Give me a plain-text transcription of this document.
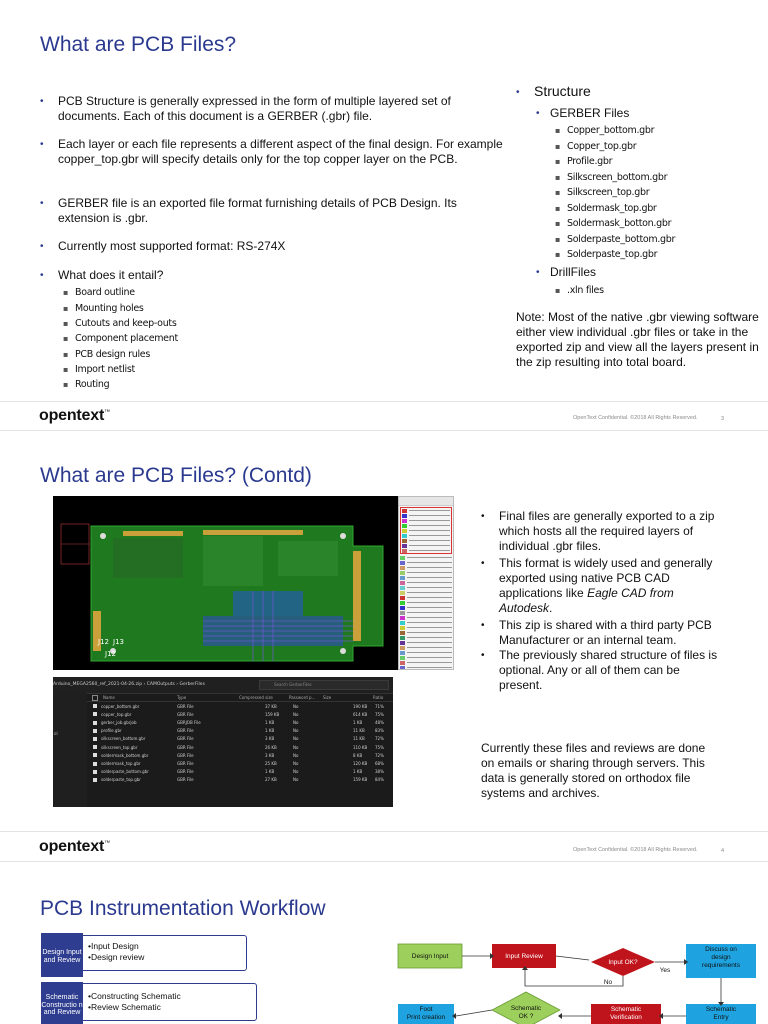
What are PCB Files?
• PCB Structure is generally expressed in the form of multiple layered set of documents. Each of this document is a GERBER (.gbr) file.
• Each layer or each file represents a different aspect of the final design. For example copper_top.gbr will specify details only for the top copper layer on the PCB.
• GERBER file is an exported file format furnishing details of PCB Design. Its extension is .gbr.
• Currently most supported format: RS-274X
• What does it entail?
▪ Board outline
▪ Mounting holes
▪ Cutouts and keep-outs
▪ Component placement
▪ PCB design rules
▪ Import netlist
▪ Routing
• Structure
• GERBER Files
▪ Copper_bottom.gbr
▪ Copper_top.gbr
▪ Profile.gbr
▪ Silkscreen_bottom.gbr
▪ Silkscreen_top.gbr
▪ Soldermask_top.gbr
▪ Soldermask_botton.gbr
▪ Solderpaste_bottom.gbr
▪ Solderpaste_top.gbr
• DrillFiles
▪ .xln files
Note: Most of the native .gbr viewing software either view individual .gbr files or take in the exported zip and view all the layers present in the zip resulting into total board.
opentext™
OpenText Confidential. ©2018 All Rights Reserved.	3
What are PCB Files? (Contd)
J12 J13
J12
Arduino_MEGA2560_ref_2021-04-26.zip › CAMOutputs › GerberFiles	Search GerberFiles
ol
Name	Type	Compressed size	Password p... Size	Ratio
copper_bottom.gbr	GBR File	37 KB	No	190 KB 71%
copper_top.gbr	GBR File	159 KB	No	614 KB 75%
gerber_job.gbrjob	GBRJOB File	1 KB	No	1 KB	48%
profile.gbr	GBR File	1 KB	No	11 KB	83%
silkscreen_bottom.gbr	GBR File	3 KB	No	11 KB	72%
silkscreen_top.gbr	GBR File	26 KB	No	110 KB 75%
soldermask_bottom.gbr	GBR File	3 KB	No	8 KB	72%
soldermask_top.gbr	GBR File	25 KB	No	120 KB 68%
solderpaste_bottom.gbr	GBR File	1 KB	No	1 KB	38%
solderpaste_top.gbr	GBR File	27 KB	No	159 KB 84%
• Final files are generally exported to a zip which hosts all the required layers of individual .gbr files.
• This format is widely used and generally exported using native PCB CAD applications like Eagle CAD from Autodesk.
• This zip is shared with a third party PCB Manufacturer or an internal team.
• The previously shared structure of files is optional. Any or all of them can be present.
Currently these files and reviews are done on emails or sharing through servers. This data is generally stored on orthodox file systems and archives.
opentext™
OpenText Confidential. ©2018 All Rights Reserved.	4
PCB Instrumentation Workflow
•Input Design
•Design review
Design Input and Review
•Constructing Schematic
•Review Schematic
Schematic Constructio n and Review
Design Input	Input Review
Input OK?
Yes
No
Foot Print creation
Schematic OK ?
Schematic Verification
Schematic Entry
Discuss on design requirements
